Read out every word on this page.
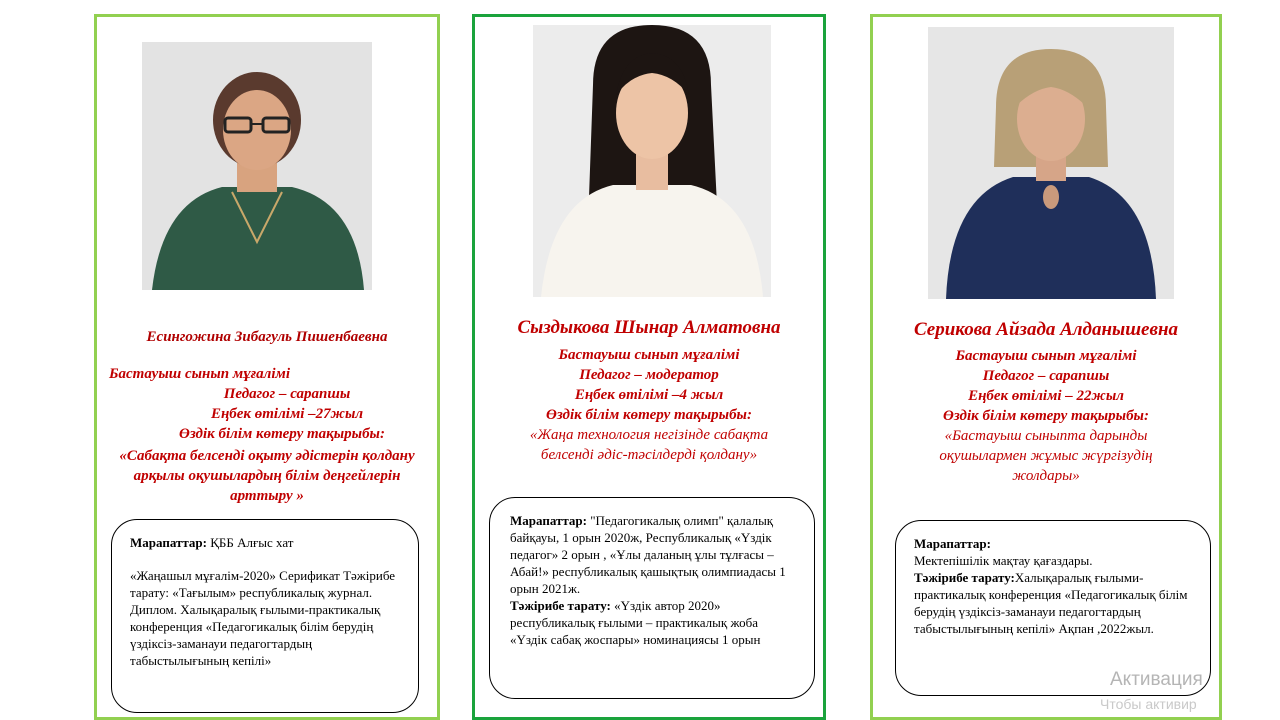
Есингожина Зибагуль Пишенбаевна
Бастауыш сынып мұғалімі
Педагог – сарапшы
Еңбек өтілімі –27жыл
Өздік білім көтеру тақырыбы:
«Сабақта белсенді оқыту әдістерін қолдану арқылы оқушылардың білім деңгейлерін арттыру »
Марапаттар: ҚББ Алғыс хат
«Жаңашыл мұғалім-2020» Серификат Тәжірибе тарату: «Тағылым» республикалық журнал. Диплом. Халықаралық ғылыми-практикалық конференция «Педагогикалық білім берудің үздіксіз-заманауи педагогтардың табыстылығының кепілі»
Сыздыкова Шынар Алматовна
Бастауыш сынып мұғалімі
Педагог – модератор
Еңбек өтілімі –4 жыл
Өздік білім көтеру тақырыбы:
«Жаңа технология негізінде сабақта белсенді әдіс-тәсілдерді қолдану»
Марапаттар: "Педагогикалық олимп" қалалық байқауы, 1 орын 2020ж, Республикалық «Үздік педагог» 2 орын , «Ұлы даланың ұлы тұлғасы – Абай!» республикалық қашықтық олимпиадасы 1 орын 2021ж.
Тәжірибе тарату: «Үздік автор 2020» республикалық ғылыми – практикалық жоба «Үздік сабақ жоспары» номинациясы 1 орын
Серикова Айзада Алданышевна
Бастауыш сынып мұғалімі
Педагог – сарапшы
Еңбек өтілімі – 22жыл
Өздік білім көтеру тақырыбы:
«Бастауыш сыныпта дарынды оқушылармен жұмыс жүргізудің жолдары»
Марапаттар:
Мектепішілік мақтау қағаздары.
Тәжірибе тарату:Халықаралық ғылыми-практикалық конференция «Педагогикалық білім берудің үздіксіз-заманауи педагогтардың табыстылығының кепілі» Ақпан ,2022жыл.
Активация
Чтобы активир
